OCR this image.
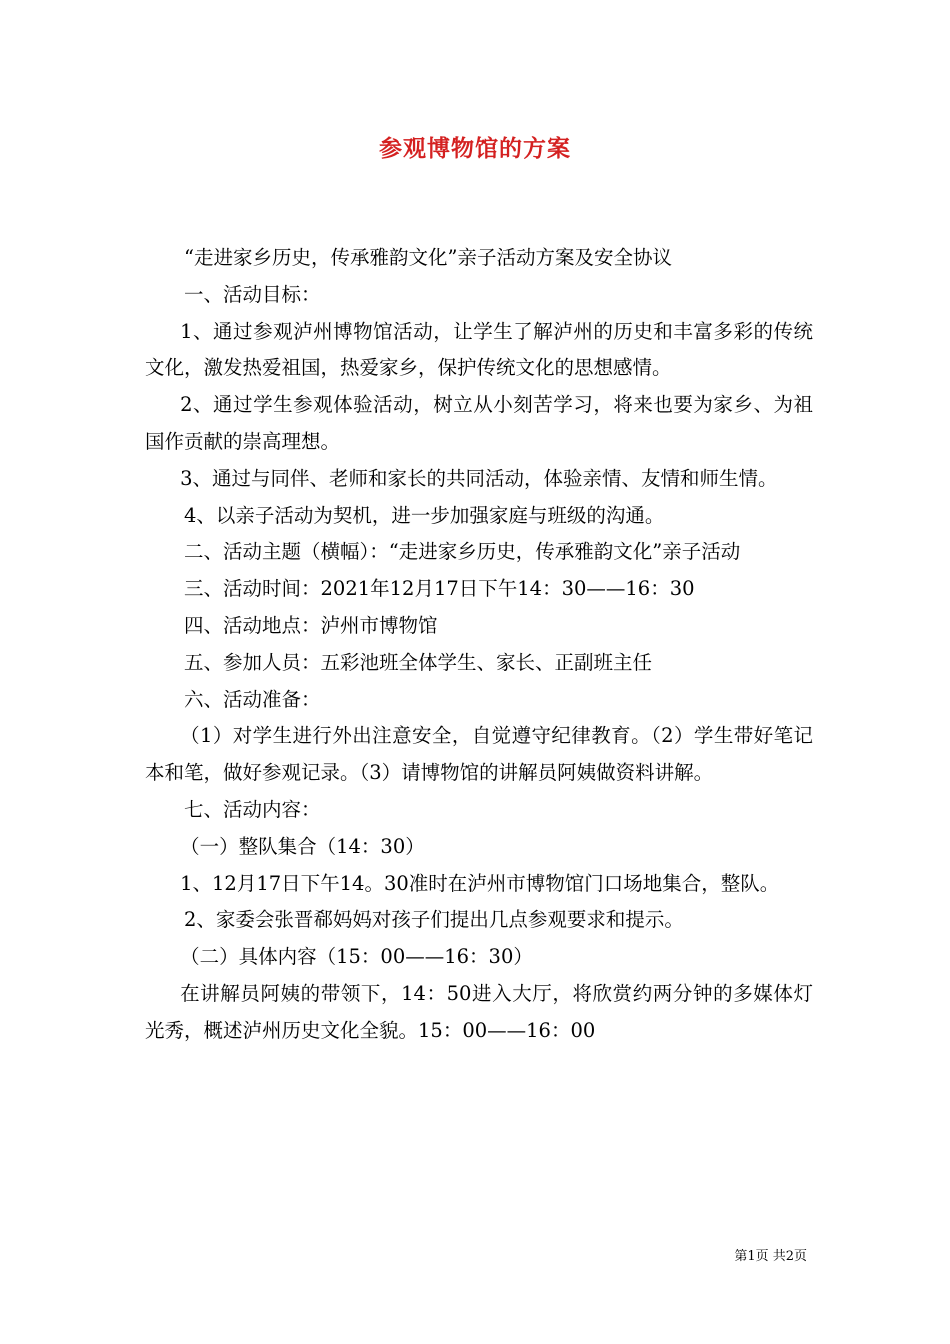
参观博物馆的方案

“走进家乡历史，传承雅韵文化”亲子活动方案及安全协议

一、活动目标：

1、通过参观泸州博物馆活动，让学生了解泸州的历史和丰富多彩的传统文化，激发热爱祖国，热爱家乡，保护传统文化的思想感情。

2、通过学生参观体验活动，树立从小刻苦学习，将来也要为家乡、为祖国作贡献的崇高理想。

3、通过与同伴、老师和家长的共同活动，体验亲情、友情和师生情。

4、以亲子活动为契机，进一步加强家庭与班级的沟通。

二、活动主题（横幅）：“走进家乡历史，传承雅韵文化”亲子活动

三、活动时间：2021年12月17日下午14：30——16：30

四、活动地点：泸州市博物馆

五、参加人员：五彩池班全体学生、家长、正副班主任

六、活动准备：

（1）对学生进行外出注意安全，自觉遵守纪律教育。（2）学生带好笔记本和笔，做好参观记录。（3）请博物馆的讲解员阿姨做资料讲解。

七、活动内容：

（一）整队集合（14：30）

1、12月17日下午14。30准时在泸州市博物馆门口场地集合，整队。

2、家委会张晋郗妈妈对孩子们提出几点参观要求和提示。

（二）具体内容（15：00——16：30）

在讲解员阿姨的带领下，14：50进入大厅，将欣赏约两分钟的多媒体灯光秀，概述泸州历史文化全貌。15：00——16：00

第1页 共2页
